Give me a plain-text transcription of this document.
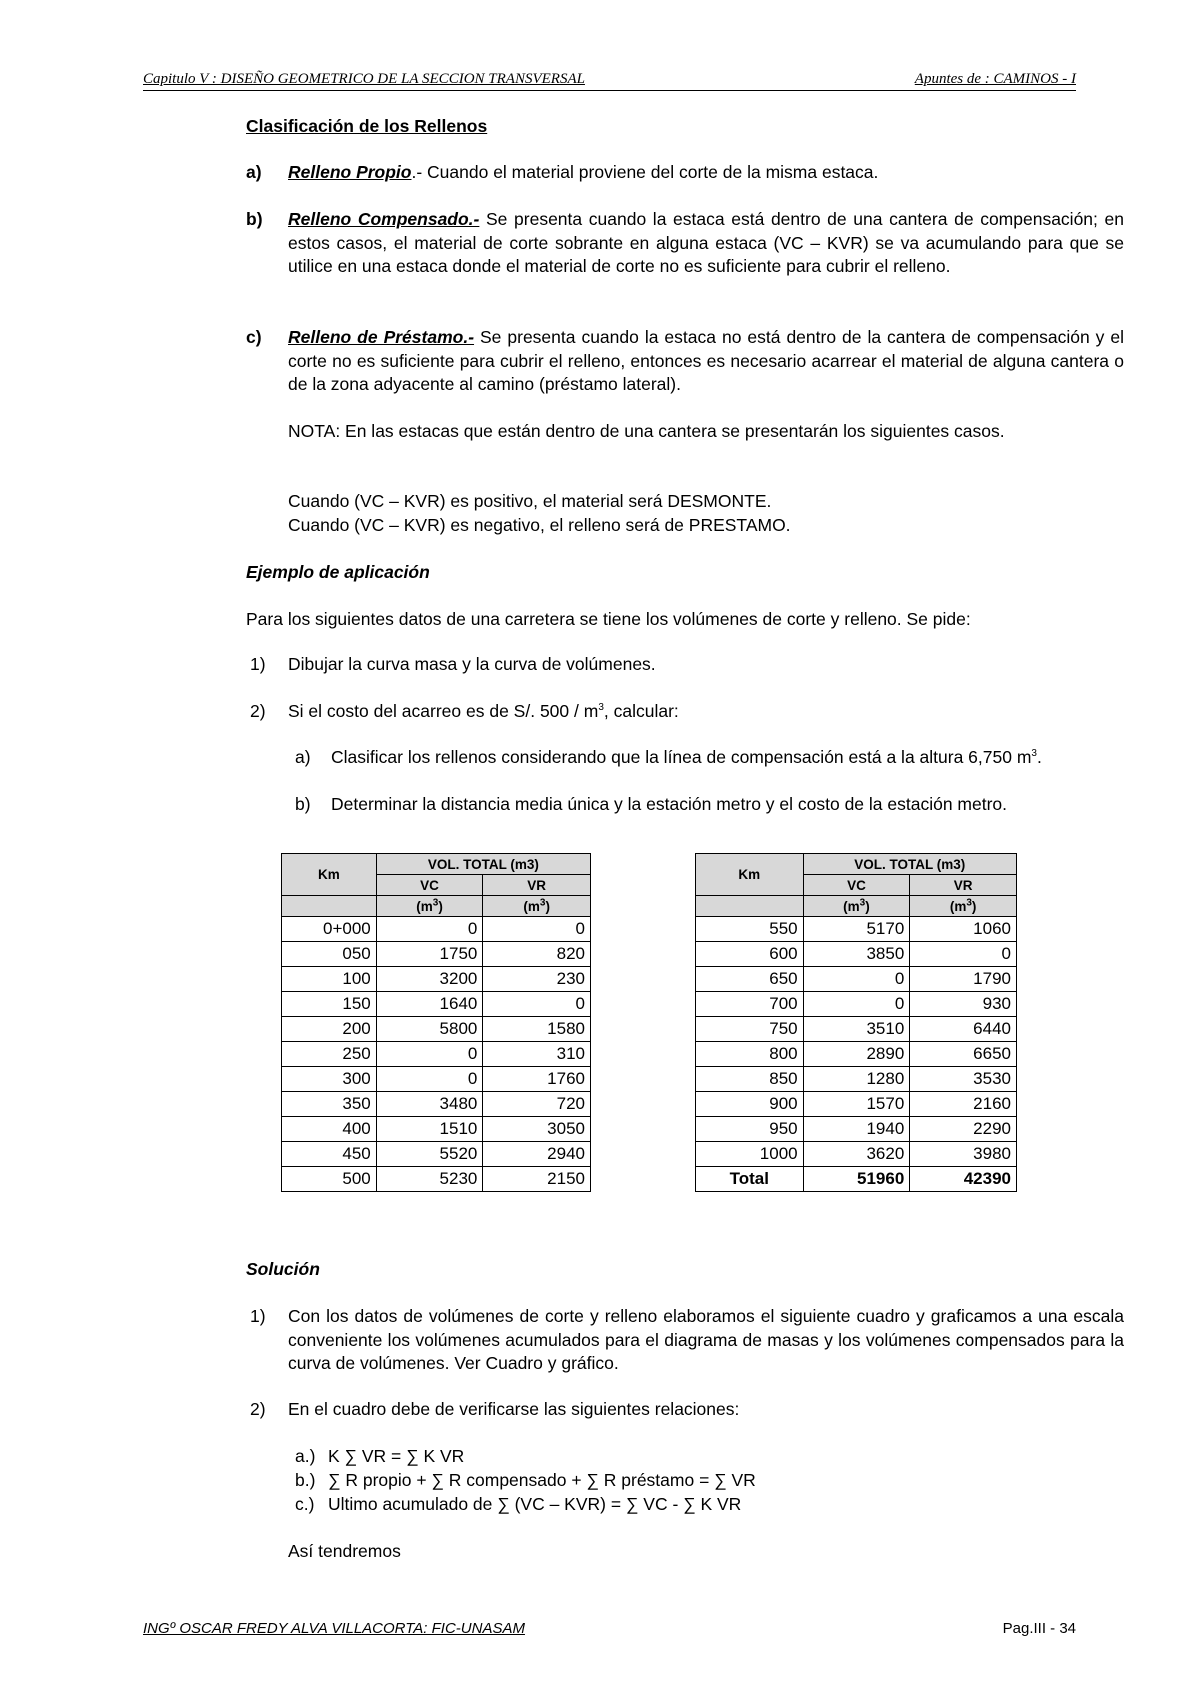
Capitulo V : DISEÑO GEOMETRICO DE LA SECCION TRANSVERSAL	Apuntes de : CAMINOS - I
Clasificación de los Rellenos
a) Relleno Propio.- Cuando el material proviene del corte de la misma estaca.
b) Relleno Compensado.- Se presenta cuando la estaca está dentro de una cantera de compensación; en estos casos, el material de corte sobrante en alguna estaca (VC – KVR) se va acumulando para que se utilice en una estaca donde el material de corte no es suficiente para cubrir el relleno.
c) Relleno de Préstamo.- Se presenta cuando la estaca no está dentro de la cantera de compensación y el corte no es suficiente para cubrir el relleno, entonces es necesario acarrear el material de alguna cantera o de la zona adyacente al camino (préstamo lateral).
NOTA: En las estacas que están dentro de una cantera se presentarán los siguientes casos.
Cuando (VC – KVR) es positivo, el material será DESMONTE.
Cuando (VC – KVR) es negativo, el relleno será de PRESTAMO.
Ejemplo de aplicación
Para los siguientes datos de una carretera se tiene los volúmenes de corte y relleno. Se pide:
1) Dibujar la curva masa y la curva de volúmenes.
2) Si el costo del acarreo es de S/. $500 / m^3$, calcular:
a) Clasificar los rellenos considerando que la línea de compensación está a la altura 6,750 $m^3$.
b) Determinar la distancia media única y la estación metro y el costo de la estación metro.
Km	VOL. TOTAL (m3)	
	VC	VR
	$(m^3)$	$(m^3)$
0+000	0	0
050	1750	820
100	3200	230
150	1640	0
200	5800	1580
250	0	310
300	0	1760
350	3480	720
400	1510	3050
450	5520	2940
500	5230	2150
Km	VOL. TOTAL (m3)	
	VC	VR
	$(m^3)$	$(m^3)$
550	5170	1060
600	3850	0
650	0	1790
700	0	930
750	3510	6440
800	2890	6650
850	1280	3530
900	1570	2160
950	1940	2290
1000	3620	3980
Total	51960	42390
Solución
1) Con los datos de volúmenes de corte y relleno elaboramos el siguiente cuadro y graficamos a una escala conveniente los volúmenes acumulados para el diagrama de masas y los volúmenes compensados para la curva de volúmenes. Ver Cuadro y gráfico.
2) En el cuadro debe de verificarse las siguientes relaciones:
a.) K ∑ VR = ∑ K VR
b.) ∑ R propio + ∑ R compensado + ∑ R préstamo = ∑ VR
c.) Ultimo acumulado de ∑ (VC – KVR) = ∑ VC - ∑ K VR
Así tendremos
INGº OSCAR FREDY ALVA VILLACORTA: FIC-UNASAM	Pag.III - 34
